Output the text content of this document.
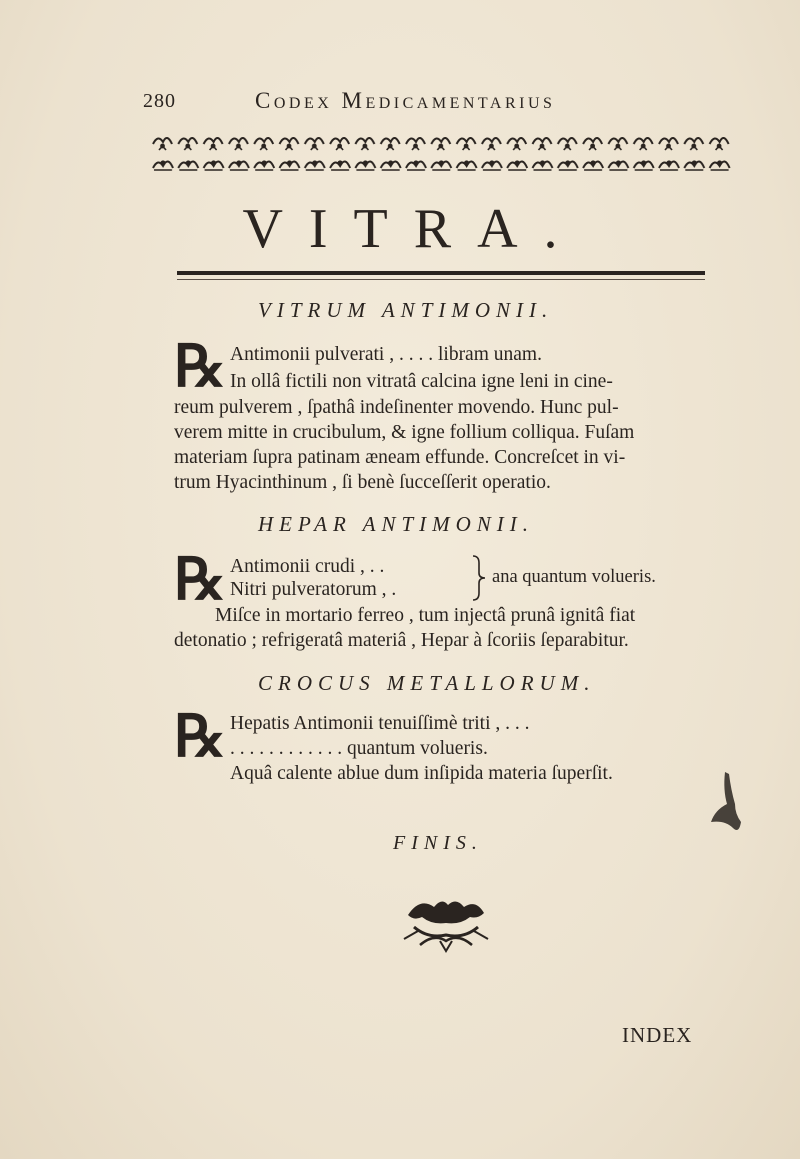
280	Codex Medicamentarius
VITRA.
VITRUM ANTIMONII.
℞ Antimonii pulverati , . . . . libram unam.
In ollâ fictili non vitratâ calcina igne leni in cine-
reum pulverem , ſpathâ indeſinenter movendo. Hunc pul-
verem mitte in crucibulum, & igne follium colliqua. Fuſam
materiam ſupra patinam æneam effunde. Concreſcet in vi-
trum Hyacinthinum , ſi benè ſucceſſerit operatio.
HEPAR ANTIMONII.
℞ Antimonii crudi , . .
Nitri pulveratorum , .
ana quantum volueris.
Miſce in mortario ferreo , tum injectâ prunâ ignitâ fiat
detonatio ; refrigeratâ materiâ , Hepar à ſcoriis ſeparabitur.
CROCUS METALLORUM.
℞ Hepatis Antimonii tenuiſſimè triti , . . .
. . . . . . . . . . . . quantum volueris.
Aquâ calente ablue dum inſipida materia ſuperſit.
FINIS.
INDEX
